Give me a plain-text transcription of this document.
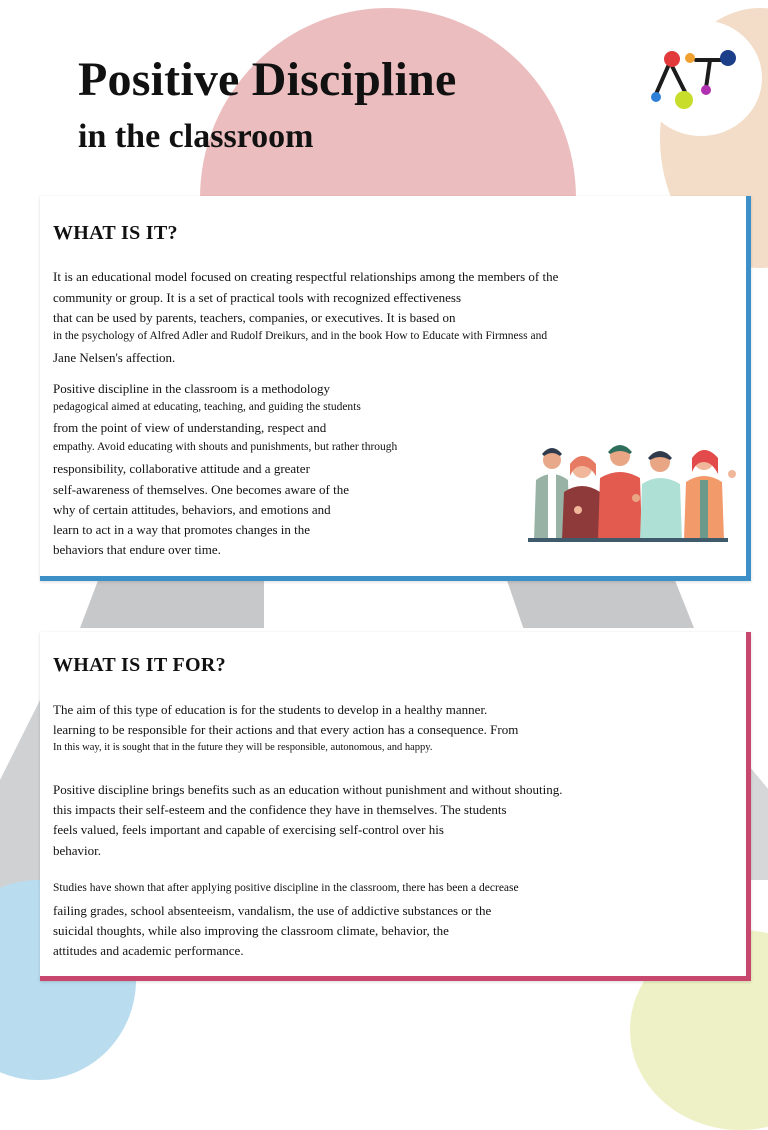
Positive Discipline
in the classroom
WHAT IS IT?

It is an educational model focused on creating respectful relationships among the members of the

community or group. It is a set of practical tools with recognized effectiveness

that can be used by parents, teachers, companies, or executives. It is based on

in the psychology of Alfred Adler and Rudolf Dreikurs, and in the book How to Educate with Firmness and

Jane Nelsen's affection.

Positive discipline in the classroom is a methodology

pedagogical aimed at educating, teaching, and guiding the students

from the point of view of understanding, respect and

empathy. Avoid educating with shouts and punishments, but rather through

responsibility, collaborative attitude and a greater

self-awareness of themselves. One becomes aware of the

why of certain attitudes, behaviors, and emotions and

learn to act in a way that promotes changes in the

behaviors that endure over time.

WHAT IS IT FOR?

The aim of this type of education is for the students to develop in a healthy manner.

learning to be responsible for their actions and that every action has a consequence. From

In this way, it is sought that in the future they will be responsible, autonomous, and happy.

Positive discipline brings benefits such as an education without punishment and without shouting.

this impacts their self-esteem and the confidence they have in themselves. The students

feels valued, feels important and capable of exercising self-control over his

behavior.

Studies have shown that after applying positive discipline in the classroom, there has been a decrease

failing grades, school absenteeism, vandalism, the use of addictive substances or the

suicidal thoughts, while also improving the classroom climate, behavior, the

attitudes and academic performance.
